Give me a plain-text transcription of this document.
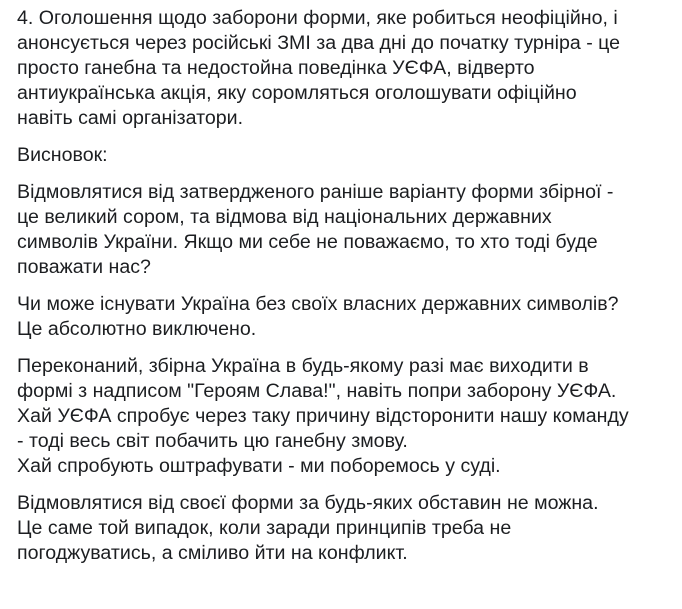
4. Оголошення щодо заборони форми, яке робиться неофіційно, і
анонсується через російські ЗМІ за два дні до початку турніра - це
просто ганебна та недостойна поведінка УЄФА, відверто
антиукраїнська акція, яку соромляться оголошувати офіційно
навіть самі організатори.

Висновок:

Відмовлятися від затвердженого раніше варіанту форми збірної -
це великий сором, та відмова від національних державних
символів України. Якщо ми себе не поважаємо, то хто тоді буде
поважати нас?

Чи може існувати Україна без своїх власних державних символів?
Це абсолютно виключено.

Переконаний, збірна Україна в будь-якому разі має виходити в
формі з надписом "Героям Слава!", навіть попри заборону УЄФА.
Хай УЄФА спробує через таку причину відсторонити нашу команду
- тоді весь світ побачить цю ганебну змову.
Хай спробують оштрафувати - ми поборемось у суді.

Відмовлятися від своєї форми за будь-яких обставин не можна.
Це саме той випадок, коли заради принципів треба не
погоджуватись, а сміливо йти на конфликт.
